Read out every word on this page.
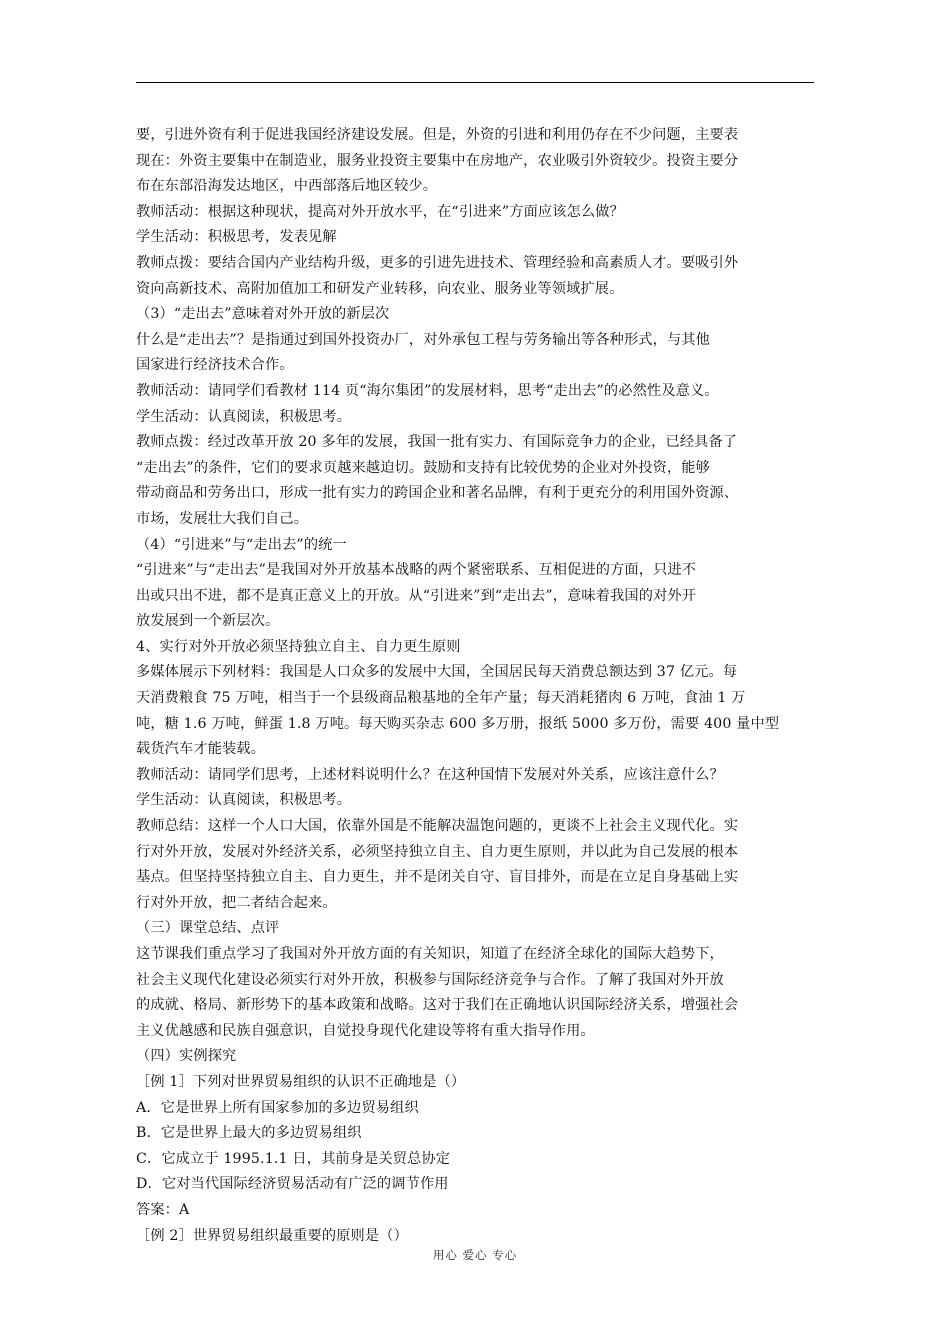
要，引进外资有利于促进我国经济建设发展。但是，外资的引进和利用仍存在不少问题，主要表
现在：外资主要集中在制造业，服务业投资主要集中在房地产，农业吸引外资较少。投资主要分
布在东部沿海发达地区，中西部落后地区较少。
教师活动：根据这种现状，提高对外开放水平，在“引进来”方面应该怎么做？
学生活动：积极思考，发表见解
教师点拨：要结合国内产业结构升级，更多的引进先进技术、管理经验和高素质人才。要吸引外
资向高新技术、高附加值加工和研发产业转移，向农业、服务业等领域扩展。
（3）“走出去”意味着对外开放的新层次
什么是“走出去”？是指通过到国外投资办厂，对外承包工程与劳务输出等各种形式，与其他
国家进行经济技术合作。
教师活动：请同学们看教材 114 页“海尔集团”的发展材料，思考“走出去”的必然性及意义。
学生活动：认真阅读，积极思考。
教师点拨：经过改革开放 20 多年的发展，我国一批有实力、有国际竞争力的企业，已经具备了
“走出去”的条件，它们的要求页越来越迫切。鼓励和支持有比较优势的企业对外投资，能够
带动商品和劳务出口，形成一批有实力的跨国企业和著名品牌，有利于更充分的利用国外资源、
市场，发展壮大我们自己。
（4）“引进来”与“走出去”的统一
“引进来”与“走出去”是我国对外开放基本战略的两个紧密联系、互相促进的方面，只进不
出或只出不进，都不是真正意义上的开放。从“引进来”到“走出去”，意味着我国的对外开
放发展到一个新层次。
4、实行对外开放必须坚持独立自主、自力更生原则
多媒体展示下列材料：我国是人口众多的发展中大国，全国居民每天消费总额达到 37 亿元。每
天消费粮食 75 万吨，相当于一个县级商品粮基地的全年产量；每天消耗猪肉 6 万吨，食油 1 万
吨，糖 1.6 万吨，鲜蛋 1.8 万吨。每天购买杂志 600 多万册，报纸 5000 多万份，需要 400 量中型
载货汽车才能装载。
教师活动：请同学们思考，上述材料说明什么？在这种国情下发展对外关系，应该注意什么？
学生活动：认真阅读，积极思考。
教师总结：这样一个人口大国，依靠外国是不能解决温饱问题的，更谈不上社会主义现代化。实
行对外开放，发展对外经济关系，必须坚持独立自主、自力更生原则，并以此为自己发展的根本
基点。但坚持坚持独立自主、自力更生，并不是闭关自守、盲目排外，而是在立足自身基础上实
行对外开放，把二者结合起来。
（三）课堂总结、点评
这节课我们重点学习了我国对外开放方面的有关知识，知道了在经济全球化的国际大趋势下，
社会主义现代化建设必须实行对外开放，积极参与国际经济竞争与合作。了解了我国对外开放
的成就、格局、新形势下的基本政策和战略。这对于我们在正确地认识国际经济关系，增强社会
主义优越感和民族自强意识，自觉投身现代化建设等将有重大指导作用。
（四）实例探究
［例 1］下列对世界贸易组织的认识不正确地是（）
A．它是世界上所有国家参加的多边贸易组织
B．它是世界上最大的多边贸易组织
C．它成立于 1995.1.1 日，其前身是关贸总协定
D．它对当代国际经济贸易活动有广泛的调节作用
答案：A
［例 2］世界贸易组织最重要的原则是（）
用心 爱心 专心
